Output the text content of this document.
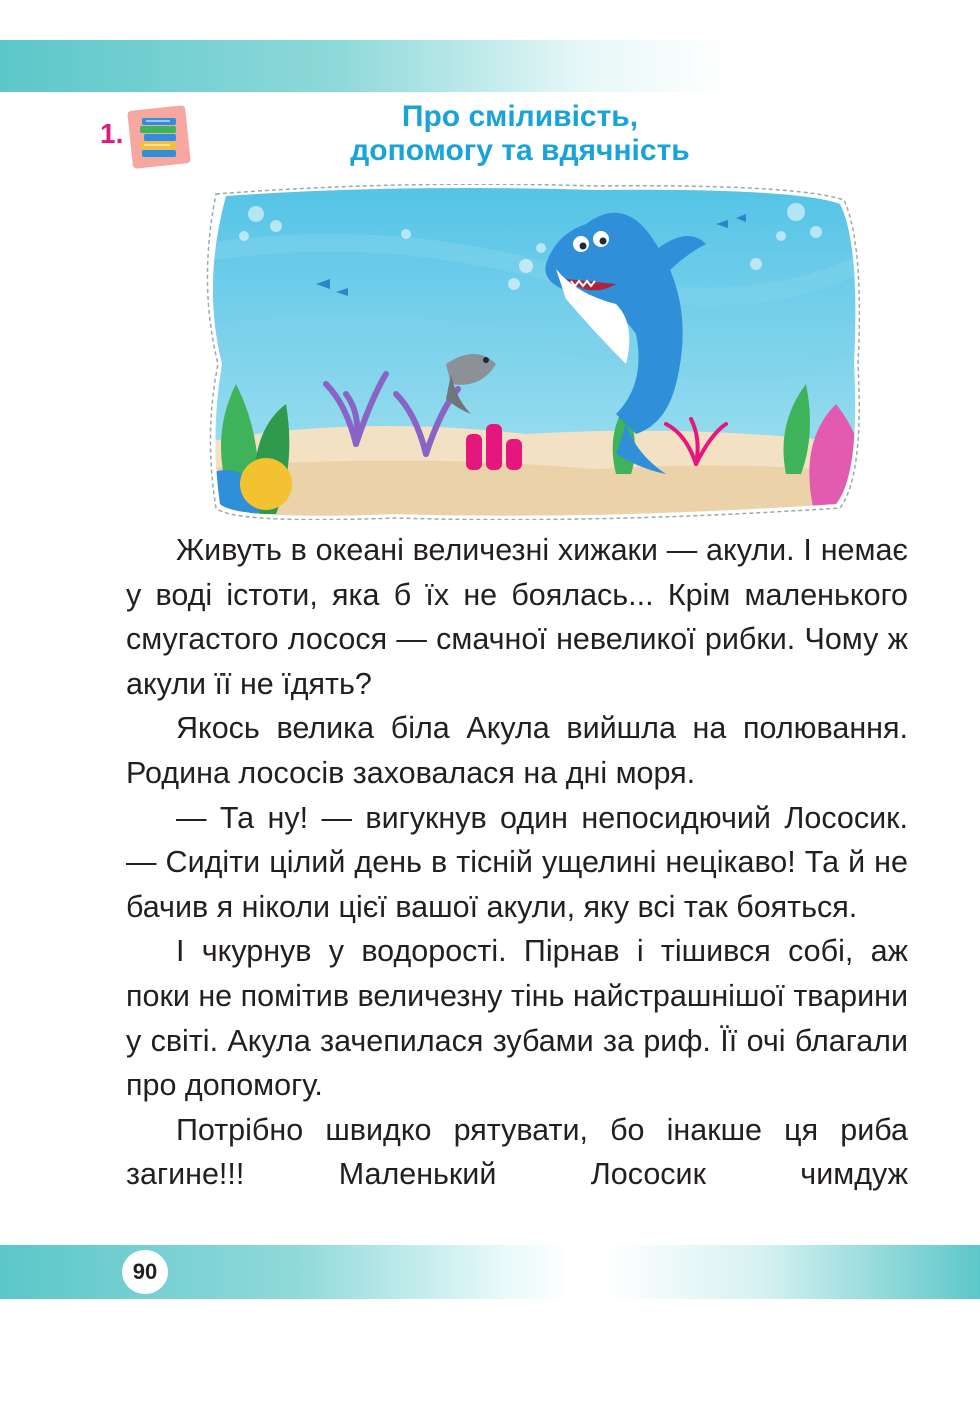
1.
Про сміливість,
допомогу та вдячність

Живуть в океані величезні хижаки — акули. І немає у воді істоти, яка б їх не боялась... Крім маленького смугастого лосося — смачної невеликої рибки. Чому ж акули її не їдять?

Якось велика біла Акула вийшла на полювання. Родина лососів заховалася на дні моря.

— Та ну! — вигукнув один непосидючий Лососик. — Сидіти цілий день в тісній ущелині нецікаво! Та й не бачив я ніколи цієї вашої акули, яку всі так бояться.

І чкурнув у водорості. Пірнав і тішився собі, аж поки не помітив величезну тінь найстрашнішої тварини у світі. Акула зачепилася зубами за риф. Її очі благали про допомогу.

Потрібно швидко рятувати, бо інакше ця риба загине!!! Маленький Лососик чимдуж

90
